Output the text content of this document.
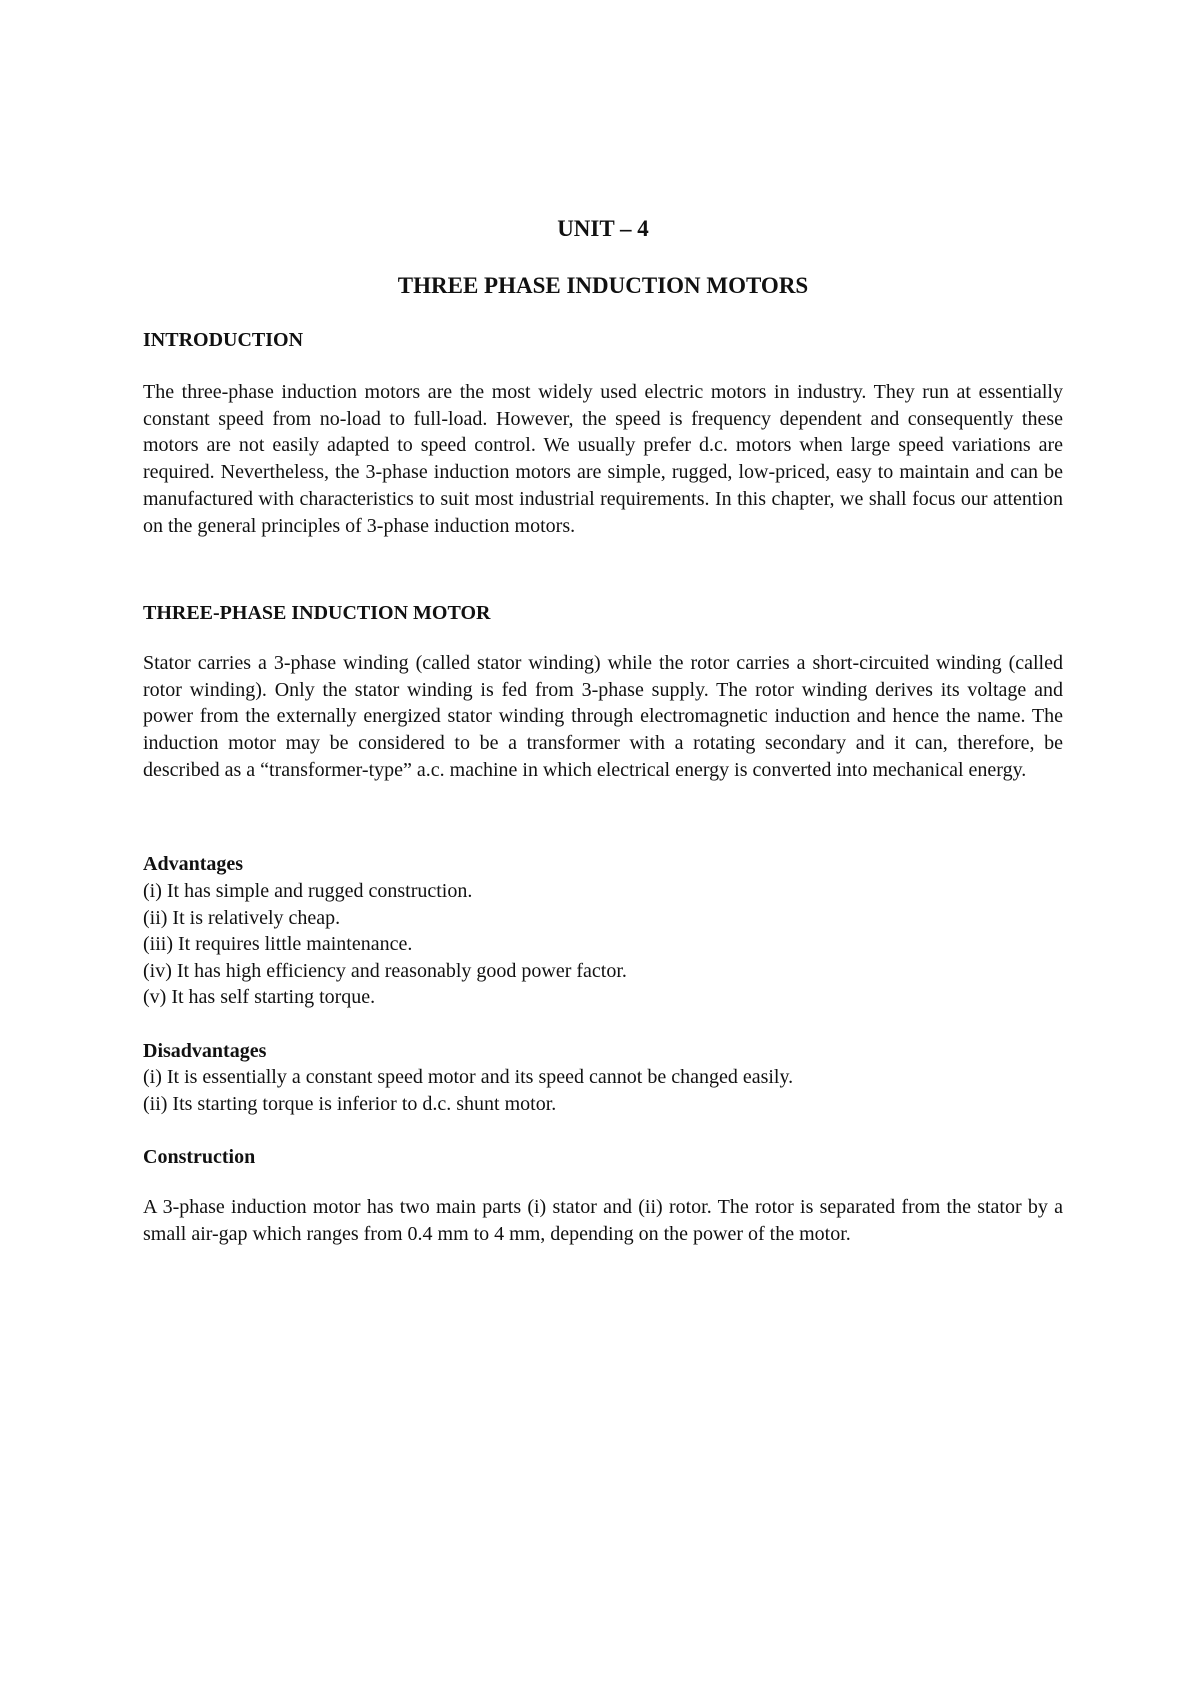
UNIT – 4
THREE PHASE INDUCTION MOTORS
INTRODUCTION

The three-phase induction motors are the most widely used electric motors in industry. They run at essentially constant speed from no-load to full-load. However, the speed is frequency dependent and consequently these motors are not easily adapted to speed control. We usually prefer d.c. motors when large speed variations are required. Nevertheless, the 3-phase induction motors are simple, rugged, low-priced, easy to maintain and can be manufactured with characteristics to suit most industrial requirements. In this chapter, we shall focus our attention on the general principles of 3-phase induction motors.

THREE-PHASE INDUCTION MOTOR

Stator carries a 3-phase winding (called stator winding) while the rotor carries a short-circuited winding (called rotor winding). Only the stator winding is fed from 3-phase supply. The rotor winding derives its voltage and power from the externally energized stator winding through electromagnetic induction and hence the name. The induction motor may be considered to be a transformer with a rotating secondary and it can, therefore, be described as a “transformer-type” a.c. machine in which electrical energy is converted into mechanical energy.

Advantages
(i) It has simple and rugged construction.
(ii) It is relatively cheap.
(iii) It requires little maintenance.
(iv) It has high efficiency and reasonably good power factor.
(v) It has self starting torque.
Disadvantages
(i) It is essentially a constant speed motor and its speed cannot be changed easily.
(ii) Its starting torque is inferior to d.c. shunt motor.
Construction

A 3-phase induction motor has two main parts (i) stator and (ii) rotor. The rotor is separated from the stator by a small air-gap which ranges from 0.4 mm to 4 mm, depending on the power of the motor.
